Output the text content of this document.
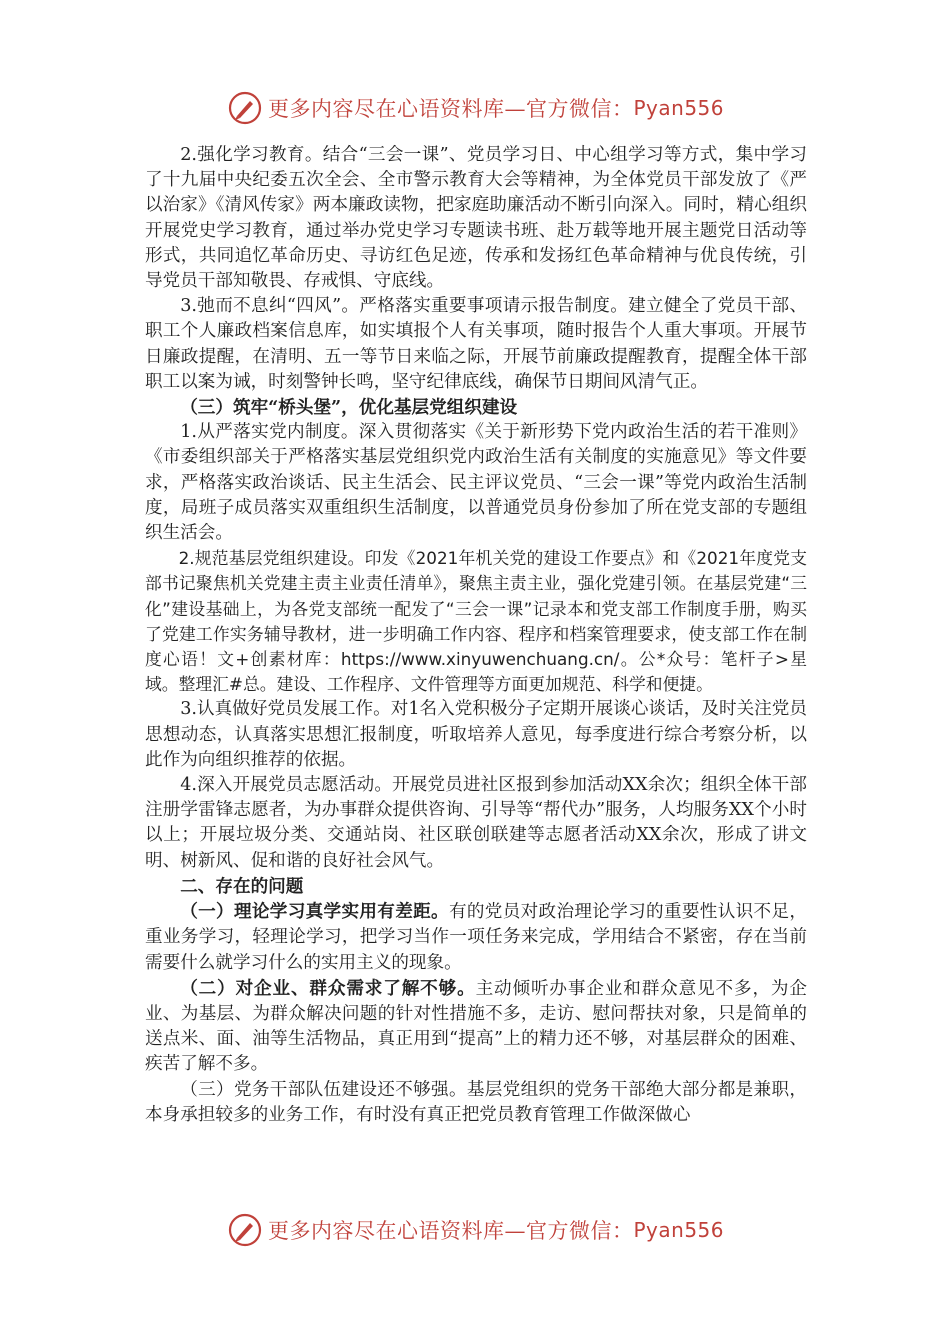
更多内容尽在心语资料库—官方微信： Pyan556

2.强化学习教育。结合“三会一课”、党员学习日、中心组学习等方式，集中学习了十九届中央纪委五次全会、全市警示教育大会等精神，为全体党员干部发放了《严以治家》《清风传家》两本廉政读物，把家庭助廉活动不断引向深入。同时，精心组织开展党史学习教育，通过举办党史学习专题读书班、赴万载等地开展主题党日活动等形式，共同追忆革命历史、寻访红色足迹，传承和发扬红色革命精神与优良传统，引导党员干部知敬畏、存戒惧、守底线。

3.弛而不息纠“四风”。严格落实重要事项请示报告制度。建立健全了党员干部、职工个人廉政档案信息库，如实填报个人有关事项，随时报告个人重大事项。开展节日廉政提醒，在清明、五一等节日来临之际，开展节前廉政提醒教育，提醒全体干部职工以案为诫，时刻警钟长鸣，坚守纪律底线，确保节日期间风清气正。

（三）筑牢“桥头堡”，优化基层党组织建设

1.从严落实党内制度。深入贯彻落实《关于新形势下党内政治生活的若干准则》《市委组织部关于严格落实基层党组织党内政治生活有关制度的实施意见》等文件要求，严格落实政治谈话、民主生活会、民主评议党员、“三会一课”等党内政治生活制度，局班子成员落实双重组织生活制度，以普通党员身份参加了所在党支部的专题组织生活会。

2.规范基层党组织建设。印发《2021年机关党的建设工作要点》和《2021年度党支部书记聚焦机关党建主责主业责任清单》，聚焦主责主业，强化党建引领。在基层党建“三化”建设基础上，为各党支部统一配发了“三会一课”记录本和党支部工作制度手册，购买了党建工作实务辅导教材，进一步明确工作内容、程序和档案管理要求，使支部工作在制度心语！文+创素材库：https://www.xinyuwenchuang.cn/。公*众号：笔杆子>星域。整理汇#总。建设、工作程序、文件管理等方面更加规范、科学和便捷。

3.认真做好党员发展工作。对1名入党积极分子定期开展谈心谈话，及时关注党员思想动态，认真落实思想汇报制度，听取培养人意见，每季度进行综合考察分析，以此作为向组织推荐的依据。

4.深入开展党员志愿活动。开展党员进社区报到参加活动XX余次；组织全体干部注册学雷锋志愿者，为办事群众提供咨询、引导等“帮代办”服务，人均服务XX个小时以上；开展垃圾分类、交通站岗、社区联创联建等志愿者活动XX余次，形成了讲文明、树新风、促和谐的良好社会风气。

二、存在的问题

（一）理论学习真学实用有差距。有的党员对政治理论学习的重要性认识不足，重业务学习，轻理论学习，把学习当作一项任务来完成，学用结合不紧密，存在当前需要什么就学习什么的实用主义的现象。

（二）对企业、群众需求了解不够。主动倾听办事企业和群众意见不多，为企业、为基层、为群众解决问题的针对性措施不多，走访、慰问帮扶对象，只是简单的送点米、面、油等生活物品，真正用到“提高”上的精力还不够，对基层群众的困难、疾苦了解不多。

（三）党务干部队伍建设还不够强。基层党组织的党务干部绝大部分都是兼职，本身承担较多的业务工作，有时没有真正把党员教育管理工作做深做心

更多内容尽在心语资料库—官方微信： Pyan556
